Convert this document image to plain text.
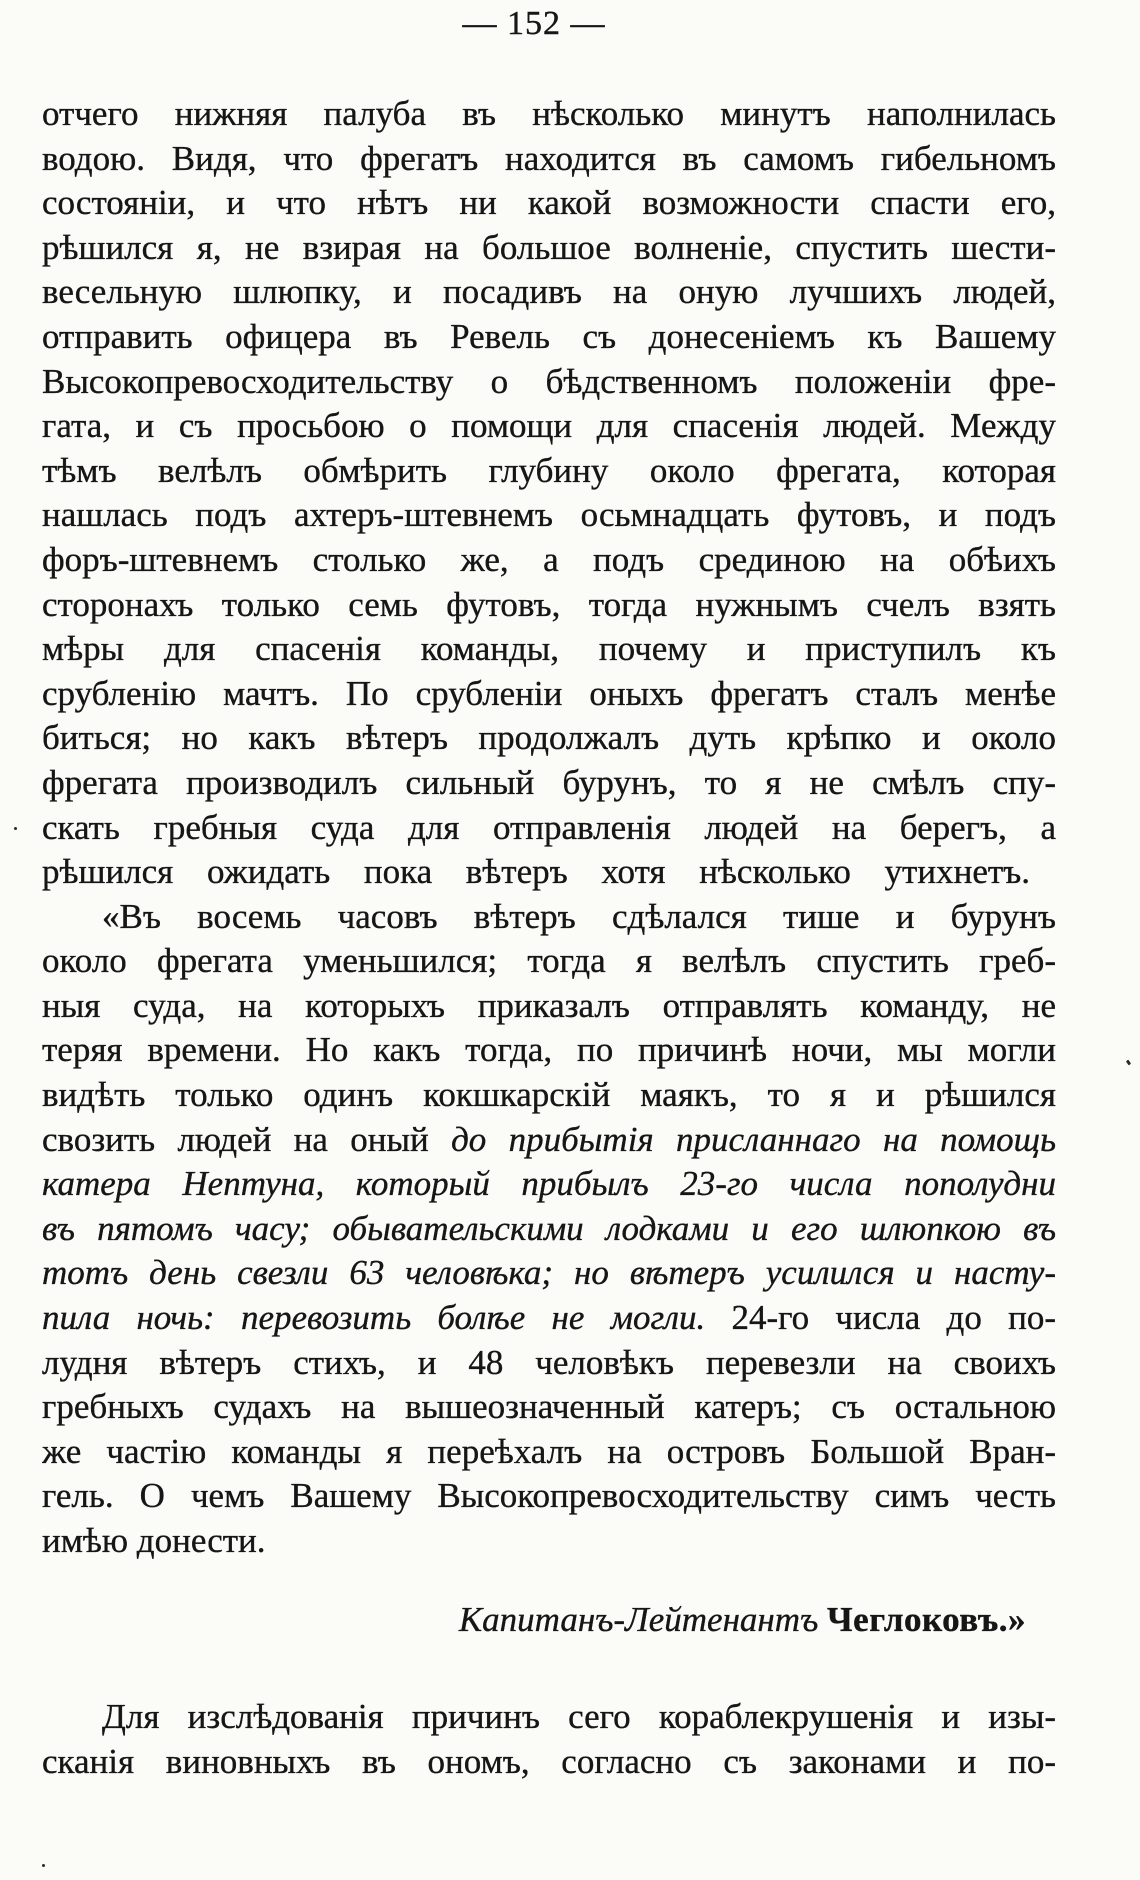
— 152 —
отчего нижняя палуба въ нѣсколько минутъ наполнилась
водою. Видя, что фрегатъ находится въ самомъ гибельномъ
состояніи, и что нѣтъ ни какой возможности спасти его,
рѣшился я, не взирая на большое волненіе, спустить шести-
весельную шлюпку, и посадивъ на оную лучшихъ людей,
отправить офицера въ Ревель съ донесеніемъ къ Вашему
Высокопревосходительству о бѣдственномъ положеніи фре-
гата, и съ просьбою о помощи для спасенія людей. Между
тѣмъ велѣлъ обмѣрить глубину около фрегата, которая
нашлась подъ ахтеръ-штевнемъ осьмнадцать футовъ, и подъ
форъ-штевнемъ столько же, а подъ срединою на обѣихъ
сторонахъ только семь футовъ, тогда нужнымъ счелъ взять
мѣры для спасенія команды, почему и приступилъ къ
срубленію мачтъ. По срубленіи оныхъ фрегатъ сталъ менѣе
биться; но какъ вѣтеръ продолжалъ дуть крѣпко и около
фрегата производилъ сильный бурунъ, то я не смѣлъ спу-
скать гребныя суда для отправленія людей на берегъ, а
рѣшился ожидать пока вѣтеръ хотя нѣсколько утихнетъ.
«Въ восемь часовъ вѣтеръ сдѣлался тише и бурунъ
около фрегата уменьшился; тогда я велѣлъ спустить греб-
ныя суда, на которыхъ приказалъ отправлять команду, не
теряя времени. Но какъ тогда, по причинѣ ночи, мы могли
видѣть только одинъ кокшкарскій маякъ, то я и рѣшился
свозить людей на оный до прибытія присланнаго на помощь
катера Нептуна, который прибылъ 23-го числа пополудни
въ пятомъ часу; обывательскими лодками и его шлюпкою въ
тотъ день свезли 63 человѣка; но вѣтеръ усилился и насту-
пила ночь: перевозить болѣе не могли. 24-го числа до по-
лудня вѣтеръ стихъ, и 48 человѣкъ перевезли на своихъ
гребныхъ судахъ на вышеозначенный катеръ; съ остальною
же частію команды я переѣхалъ на островъ Большой Вран-
гель. О чемъ Вашему Высокопревосходительству симъ честь
имѣю донести.
Капитанъ-Лейтенантъ Чеглоковъ.»
Для изслѣдованія причинъ сего кораблекрушенія и изы-
сканія виновныхъ въ ономъ, согласно съ законами и по-
